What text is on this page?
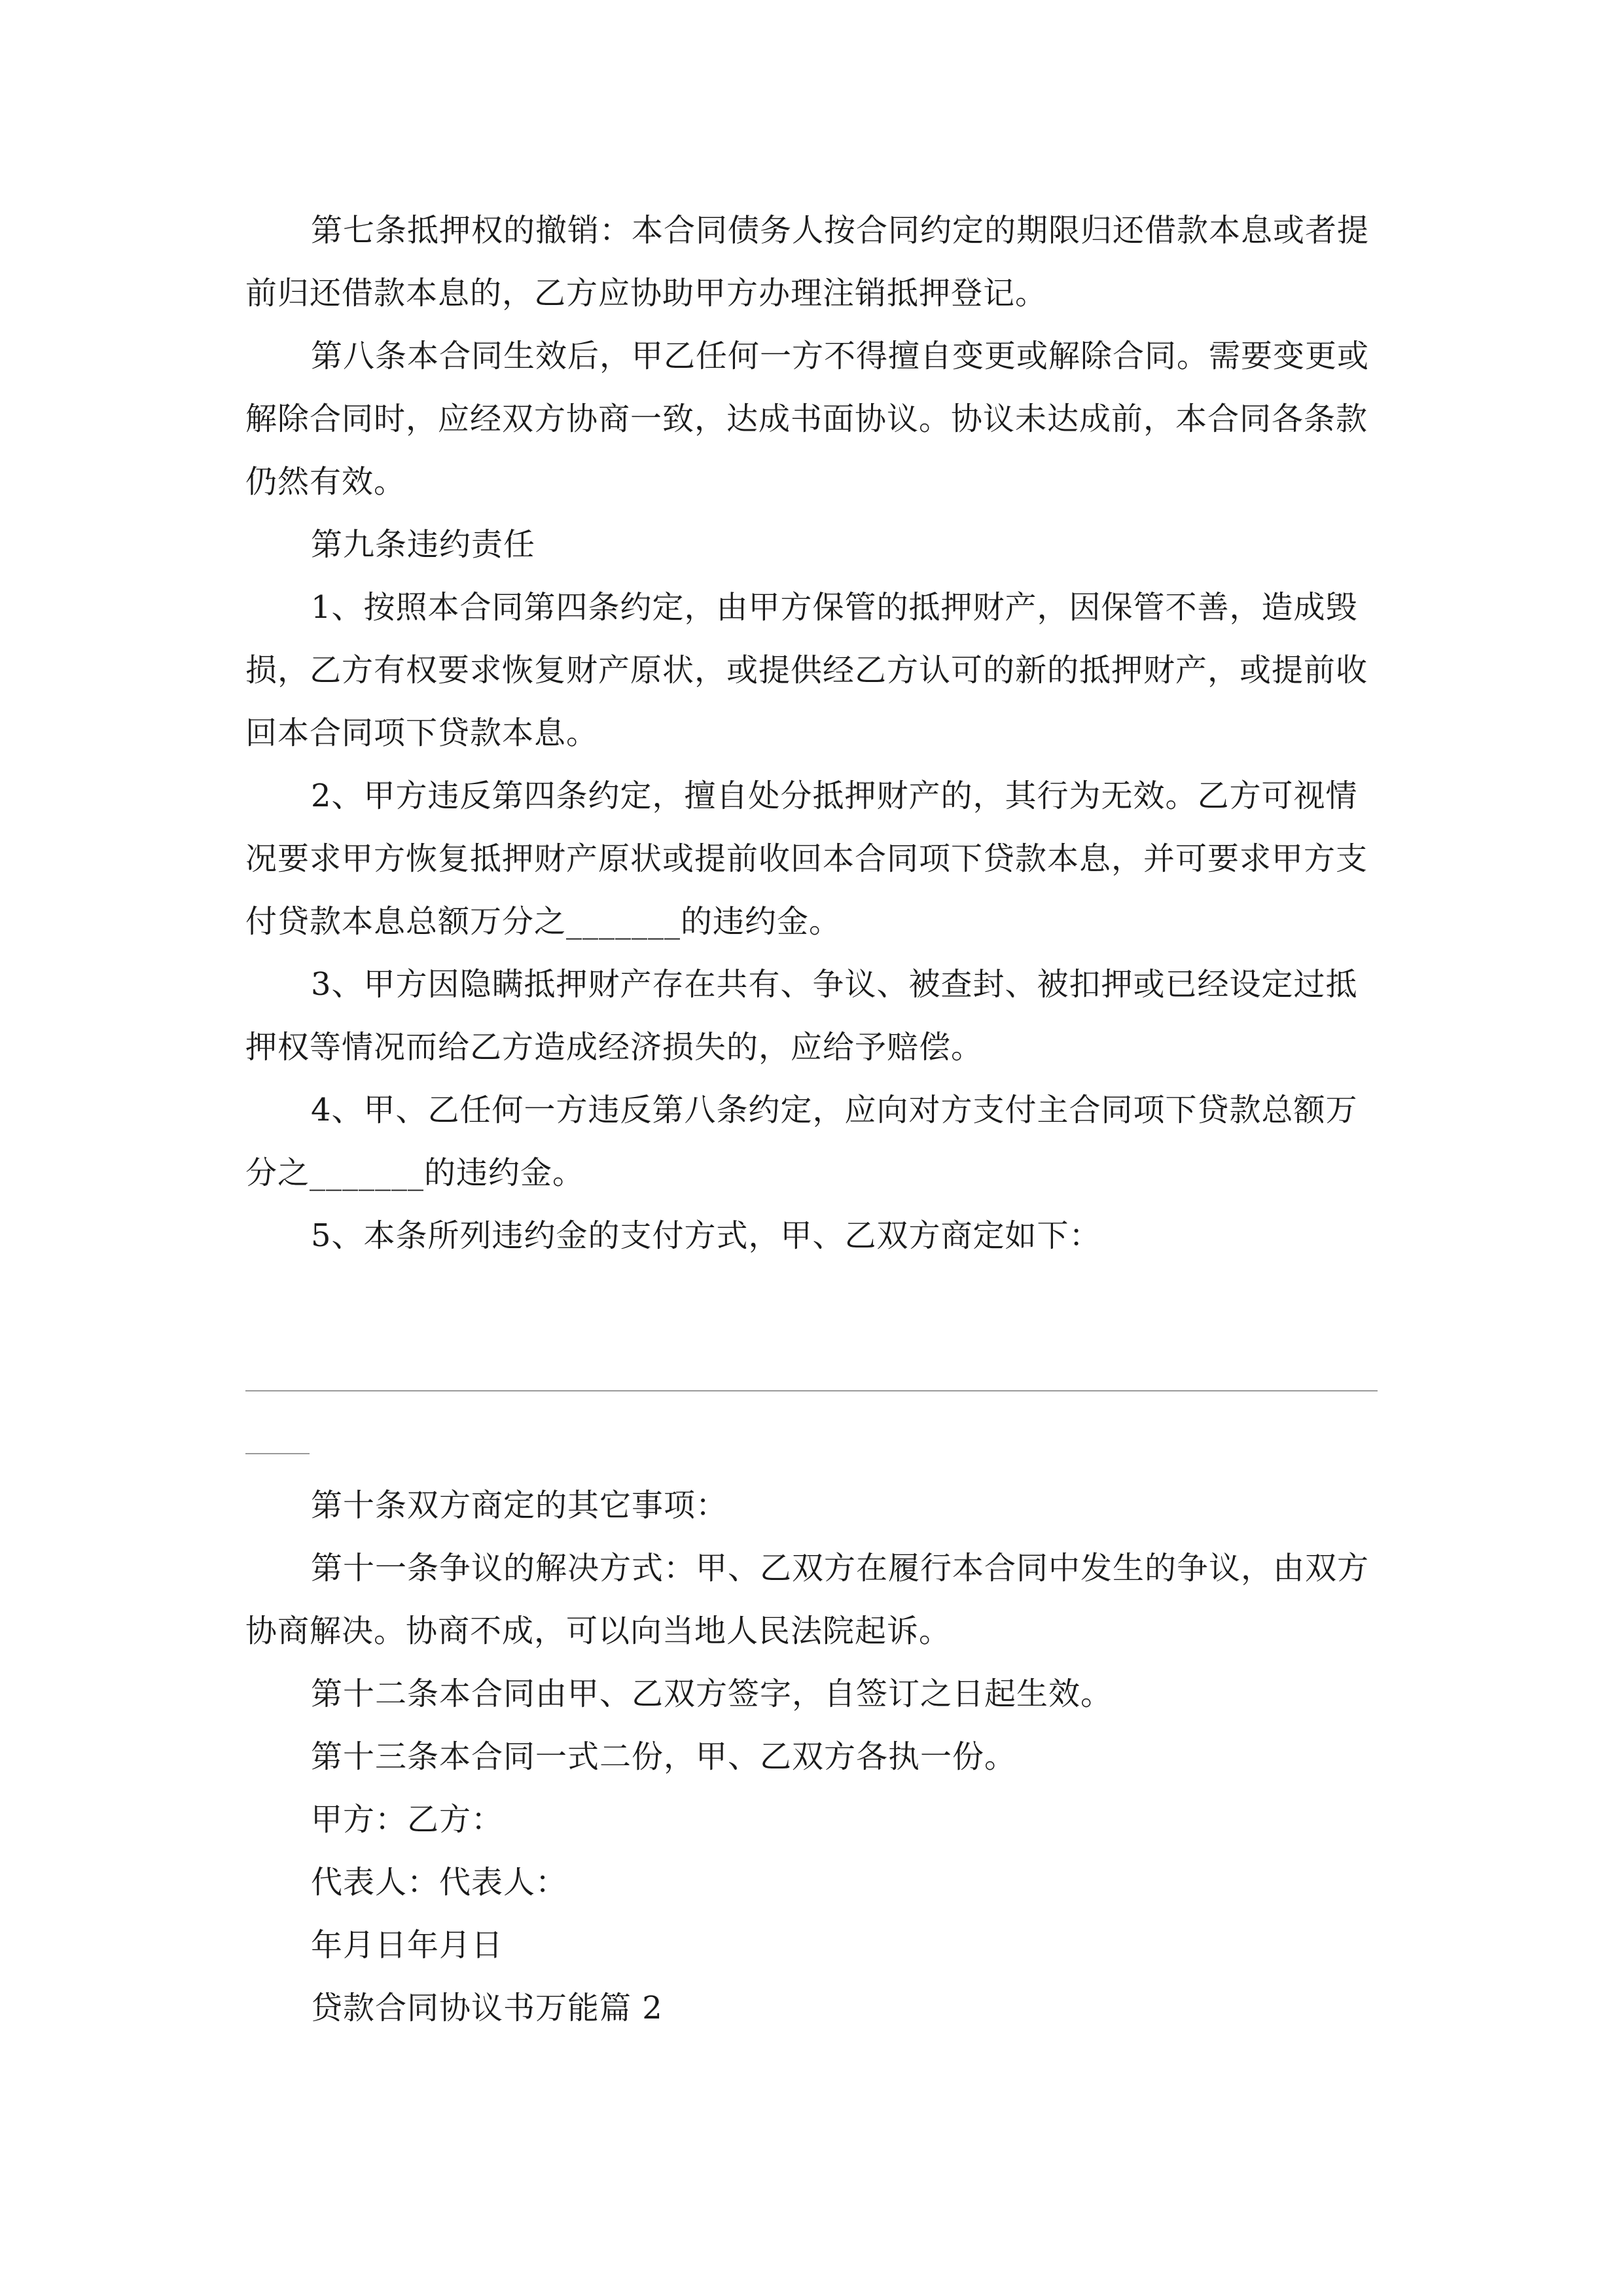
第七条抵押权的撤销：本合同债务人按合同约定的期限归还借款本息或者提
前归还借款本息的，乙方应协助甲方办理注销抵押登记。
第八条本合同生效后，甲乙任何一方不得擅自变更或解除合同。需要变更或
解除合同时，应经双方协商一致，达成书面协议。协议未达成前，本合同各条款
仍然有效。
第九条违约责任
1、按照本合同第四条约定，由甲方保管的抵押财产，因保管不善，造成毁
损，乙方有权要求恢复财产原状，或提供经乙方认可的新的抵押财产，或提前收
回本合同项下贷款本息。
2、甲方违反第四条约定，擅自处分抵押财产的，其行为无效。乙方可视情
况要求甲方恢复抵押财产原状或提前收回本合同项下贷款本息，并可要求甲方支
付贷款本息总额万分之_______的违约金。
3、甲方因隐瞒抵押财产存在共有、争议、被查封、被扣押或已经设定过抵
押权等情况而给乙方造成经济损失的，应给予赔偿。
4、甲、乙任何一方违反第八条约定，应向对方支付主合同项下贷款总额万
分之_______的违约金。
5、本条所列违约金的支付方式，甲、乙双方商定如下：
第十条双方商定的其它事项：
第十一条争议的解决方式：甲、乙双方在履行本合同中发生的争议，由双方
协商解决。协商不成，可以向当地人民法院起诉。
第十二条本合同由甲、乙双方签字，自签订之日起生效。
第十三条本合同一式二份，甲、乙双方各执一份。
甲方：乙方：
代表人：代表人：
年月日年月日
贷款合同协议书万能篇 2
